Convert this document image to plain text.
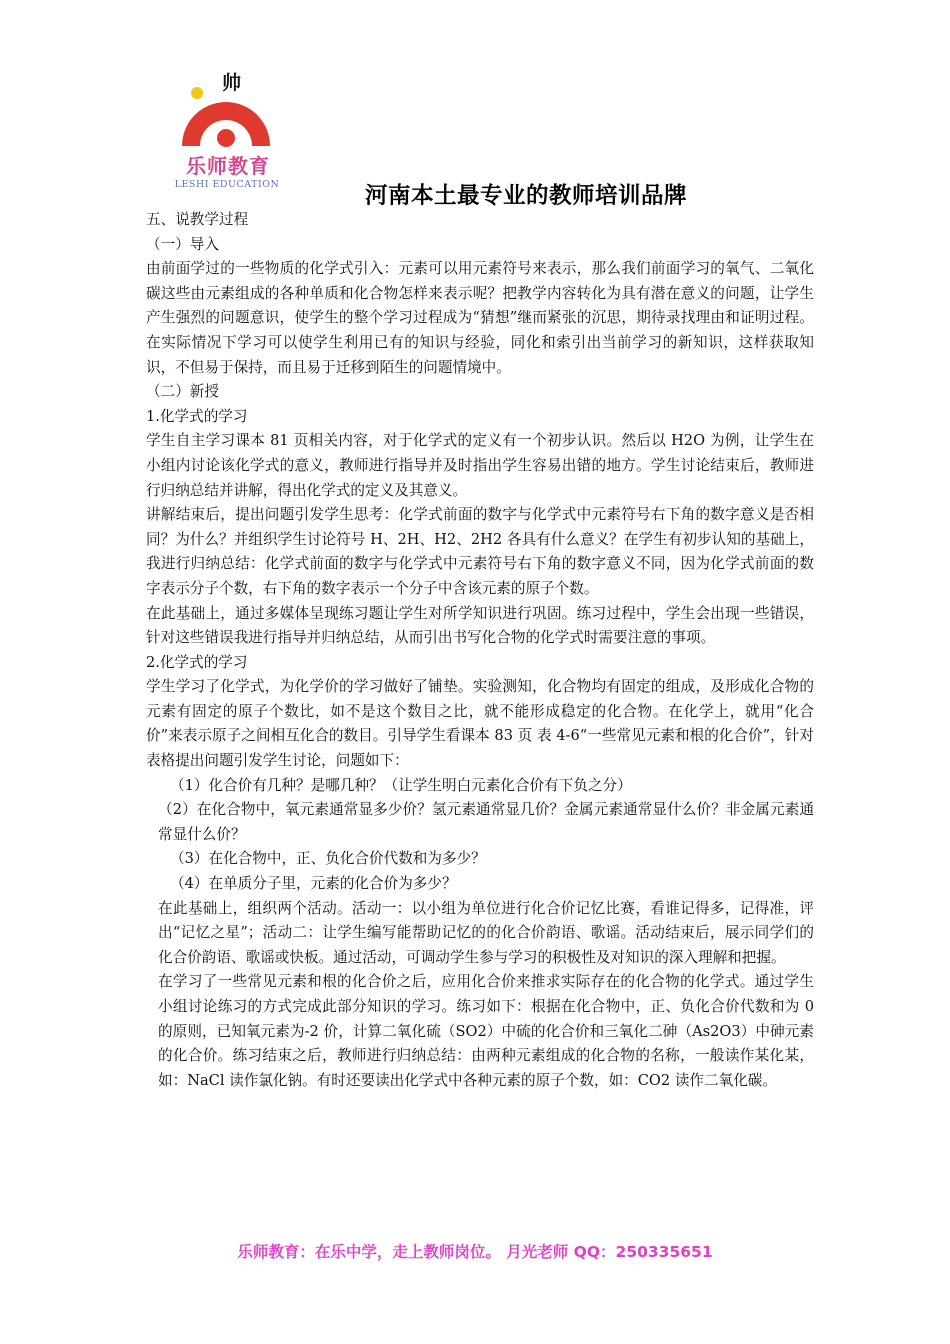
帅
乐师教育
LESHI EDUCATION	河南本土最专业的教师培训品牌

五、说教学过程

（一）导入

由前面学过的一些物质的化学式引入：元素可以用元素符号来表示，那么我们前面学习的氧气、二氧化碳这些由元素组成的各种单质和化合物怎样来表示呢？把教学内容转化为具有潜在意义的问题，让学生产生强烈的问题意识，使学生的整个学习过程成为“猜想”继而紧张的沉思，期待录找理由和证明过程。在实际情况下学习可以使学生利用已有的知识与经验，同化和索引出当前学习的新知识，这样获取知识，不但易于保持，而且易于迁移到陌生的问题情境中。

（二）新授

1.化学式的学习

学生自主学习课本 81 页相关内容，对于化学式的定义有一个初步认识。然后以 H2O 为例，让学生在小组内讨论该化学式的意义，教师进行指导并及时指出学生容易出错的地方。学生讨论结束后，教师进行归纳总结并讲解，得出化学式的定义及其意义。

讲解结束后，提出问题引发学生思考：化学式前面的数字与化学式中元素符号右下角的数字意义是否相同？为什么？并组织学生讨论符号 H、2H、H2、2H2 各具有什么意义？在学生有初步认知的基础上，我进行归纳总结：化学式前面的数字与化学式中元素符号右下角的数字意义不同，因为化学式前面的数字表示分子个数，右下角的数字表示一个分子中含该元素的原子个数。

在此基础上，通过多媒体呈现练习题让学生对所学知识进行巩固。练习过程中，学生会出现一些错误，针对这些错误我进行指导并归纳总结，从而引出书写化合物的化学式时需要注意的事项。

2.化学式的学习

学生学习了化学式，为化学价的学习做好了铺垫。实验测知，化合物均有固定的组成，及形成化合物的元素有固定的原子个数比，如不是这个数目之比，就不能形成稳定的化合物。在化学上，就用“化合价”来表示原子之间相互化合的数目。引导学生看课本 83 页 表 4-6“一些常见元素和根的化合价”，针对表格提出问题引发学生讨论，问题如下：

（1）化合价有几种？是哪几种？（让学生明白元素化合价有下负之分）

（2）在化合物中，氧元素通常显多少价？氢元素通常显几价？金属元素通常显什么价？非金属元素通常显什么价？

（3）在化合物中，正、负化合价代数和为多少？

（4）在单质分子里，元素的化合价为多少？

在此基础上，组织两个活动。活动一：以小组为单位进行化合价记忆比赛，看谁记得多，记得准，评出“记忆之星”；活动二：让学生编写能帮助记忆的的化合价韵语、歌谣。活动结束后，展示同学们的化合价韵语、歌谣或快板。通过活动，可调动学生参与学习的积极性及对知识的深入理解和把握。

在学习了一些常见元素和根的化合价之后，应用化合价来推求实际存在的化合物的化学式。通过学生小组讨论练习的方式完成此部分知识的学习。练习如下：根据在化合物中，正、负化合价代数和为 0 的原则，已知氧元素为-2 价，计算二氧化硫（SO2）中硫的化合价和三氧化二砷（As2O3）中砷元素的化合价。练习结束之后，教师进行归纳总结：由两种元素组成的化合物的名称，一般读作某化某，如：NaCl 读作氯化钠。有时还要读出化学式中各种元素的原子个数，如：CO2 读作二氧化碳。

乐师教育：在乐中学，走上教师岗位。 月光老师 QQ：250335651
